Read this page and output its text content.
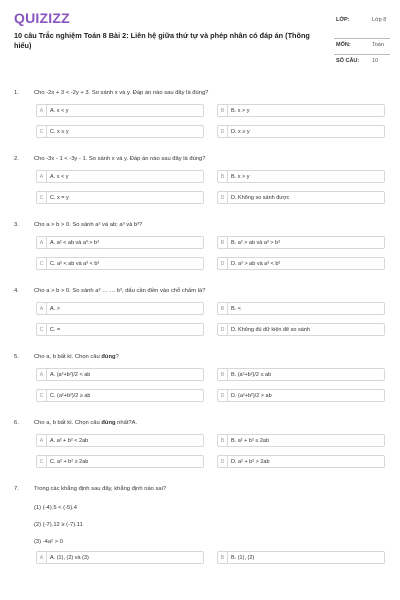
QUIZIZZ
10 câu Trắc nghiệm Toán 8 Bài 2: Liên hệ giữa thứ tự và phép nhân có đáp án (Thông hiểu)
LỚP:	Lớp 8
MÔN:	Toán
SỐ CÂU: 10
1.	Cho -2x + 3 < -2y + 3. So sánh x và y. Đáp án nào sau đây là đúng?
A	A. x < y	B	B. x > y
C	C. x ≤ y	D	D. x ≥ y
2.	Cho -3x - 1 < -3y - 1. So sánh x và y. Đáp án nào sau đây là đúng?
A	A. x < y	B	B. x > y
C	C. x = y	D	D. Không so sánh được
3.	Cho a > b > 0. So sánh a² và ab; a³ và b³?
A	A. a² < ab và a³ > b³	B	B. a² > ab và a³ > b³
C	C. a² < ab và a³ < b³	D	D. a² > ab và a³ < b³
4.	Cho a > b > 0. So sánh a³ … … b³, dấu cần điền vào chỗ chấm là?
A	A. >	B	B. <
C	C. =	D	D. Không đủ dữ kiện để so sánh
5.	Cho a, b bất kì. Chọn câu đúng?
A	A. (a²+b²)/2 < ab	B	B. (a²+b²)/2 ≤ ab
C	C. (a²+b²)/2 ≥ ab	D	D. (a²+b²)/2 > ab
6.	Cho a, b bất kì. Chọn câu đúng nhất?A.
A	A. a² + b² < 2ab	B	B. a² + b² ≤ 2ab
C	C. a² + b² ≥ 2ab	D	D. a² + b² > 2ab
7.	Trong các khẳng định sau đây, khẳng định nào sai?
(1) (-4).5 < (-5).4
(2) (-7).12 ≥ (-7).11
(3) -4a² > 0
A	A. (1), (2) và (3)	B	B. (1), (2)
